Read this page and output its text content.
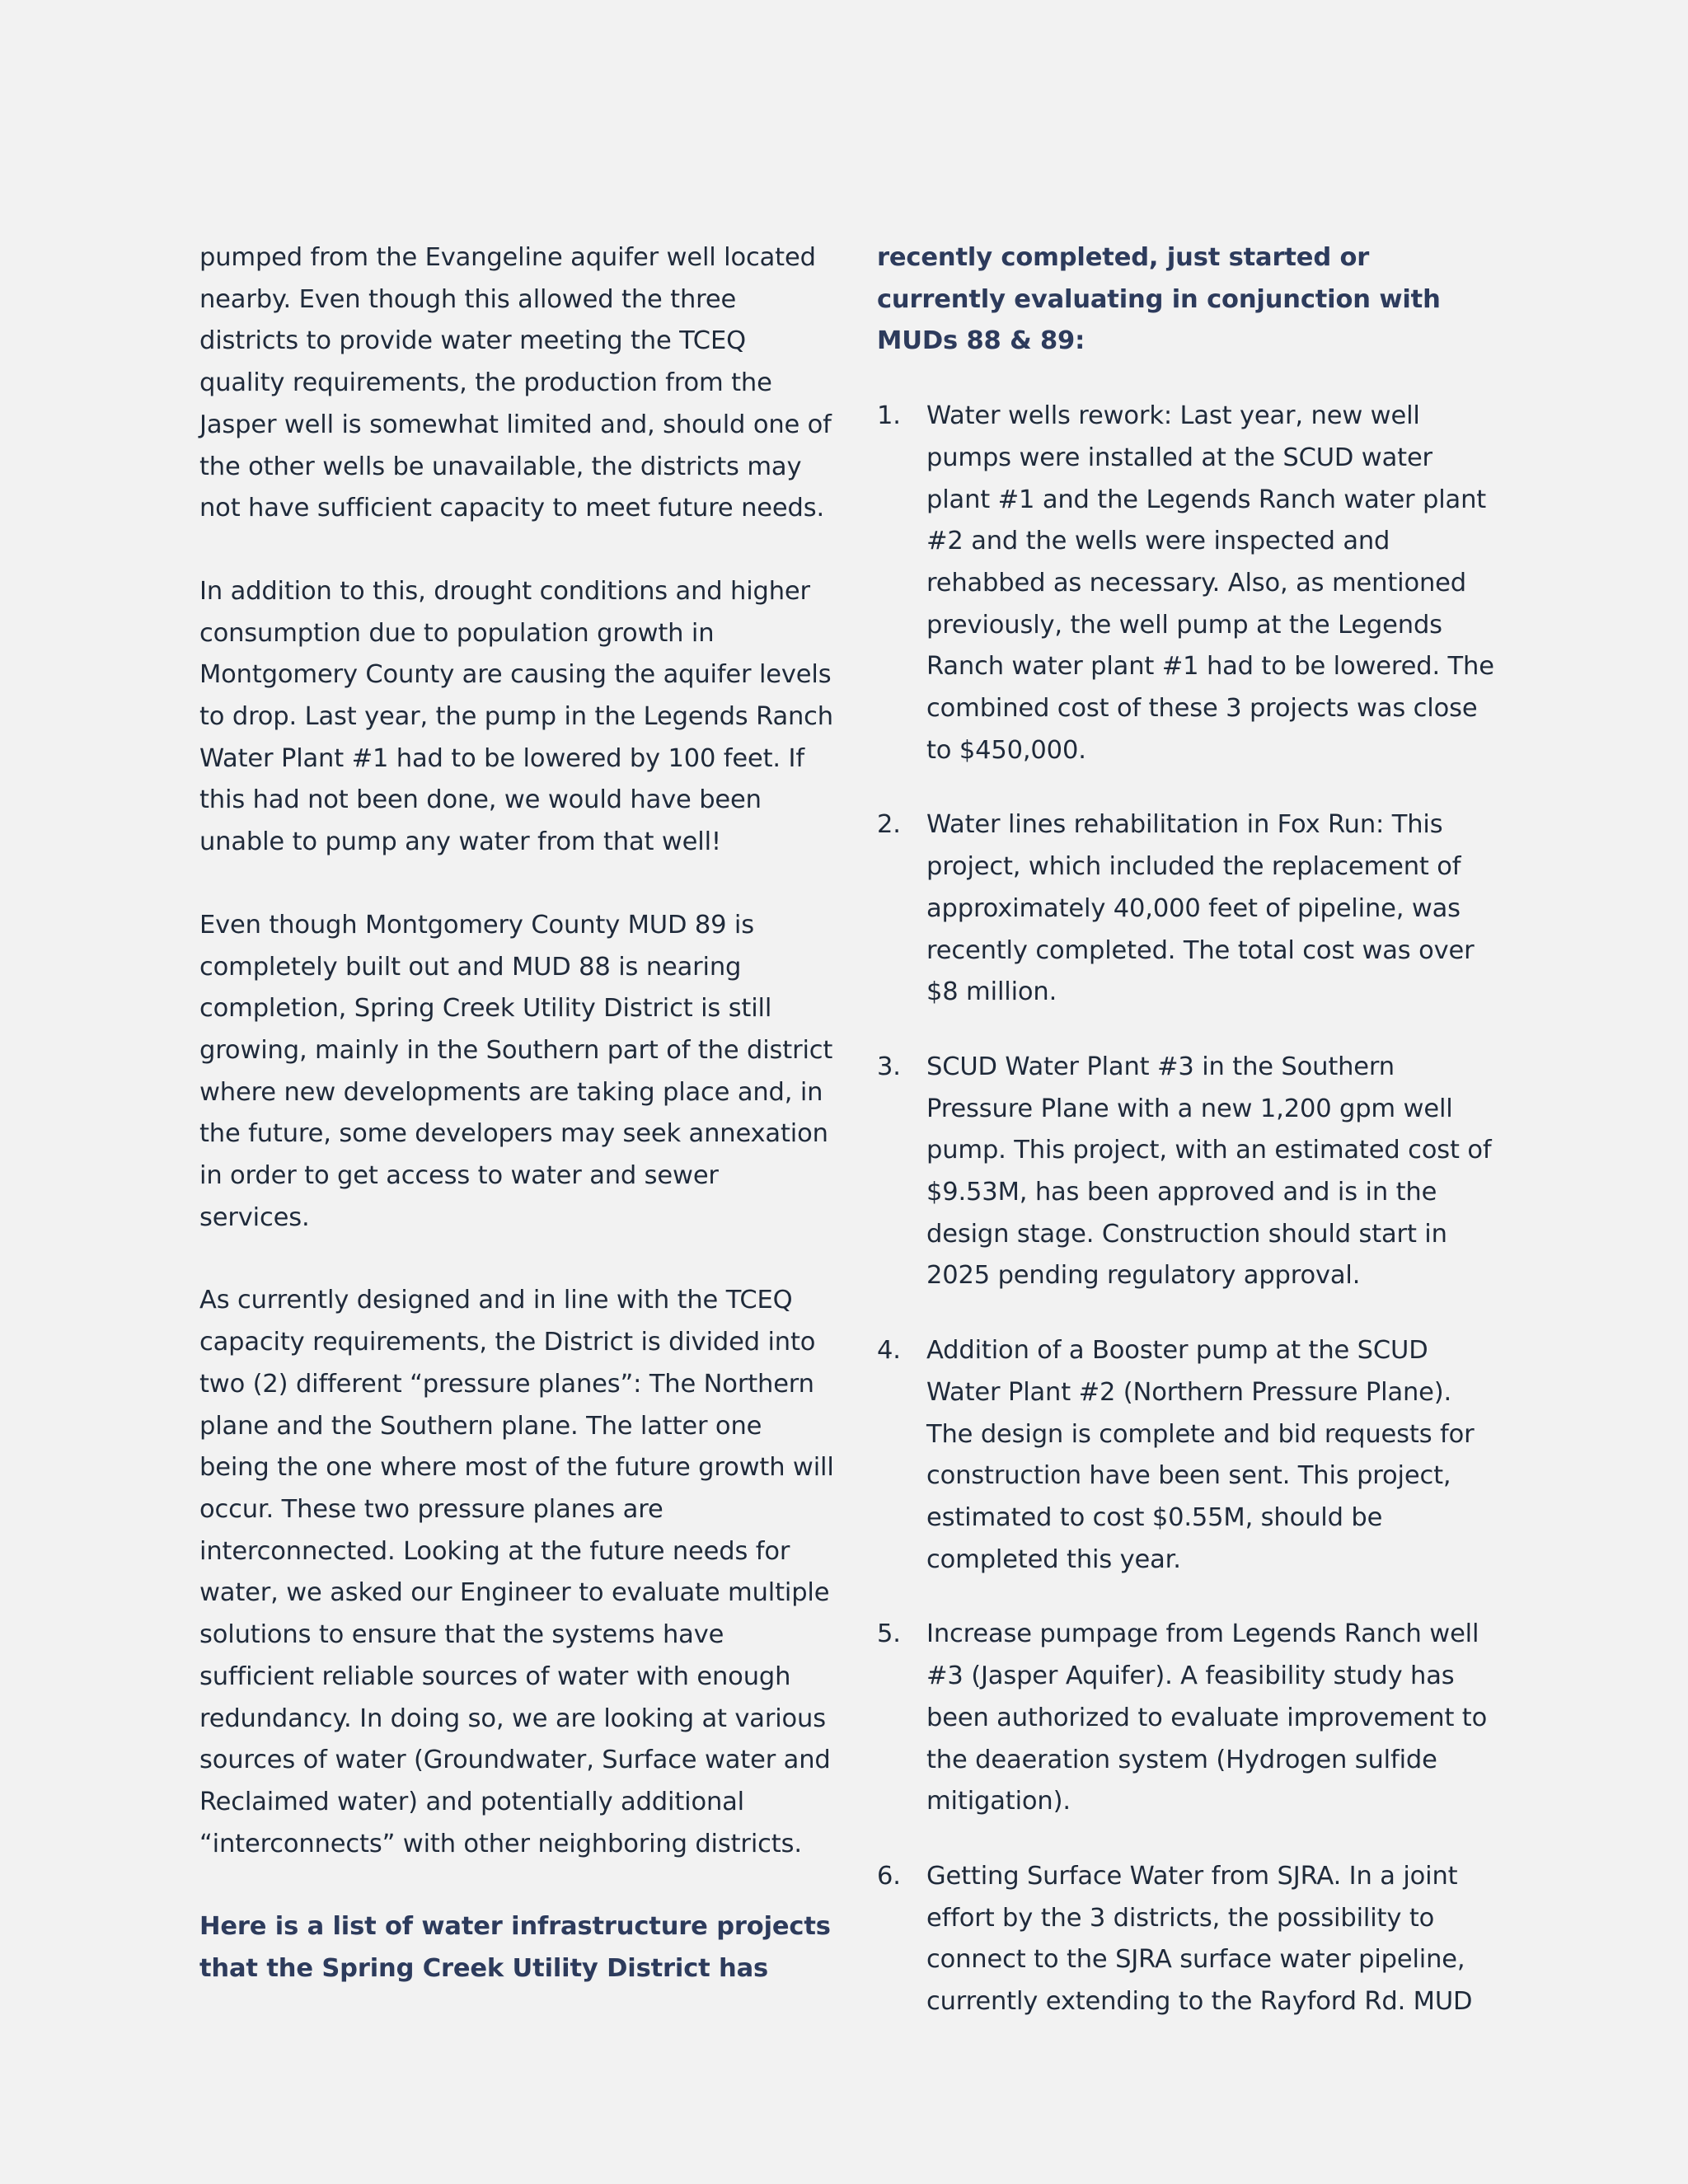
pumped from the Evangeline aquifer well located nearby. Even though this allowed the three districts to provide water meeting the TCEQ quality requirements, the production from the Jasper well is somewhat limited and, should one of the other wells be unavailable, the districts may not have sufficient capacity to meet future needs.

In addition to this, drought conditions and higher consumption due to population growth in Montgomery County are causing the aquifer levels to drop. Last year, the pump in the Legends Ranch Water Plant #1 had to be lowered by 100 feet. If this had not been done, we would have been unable to pump any water from that well!

Even though Montgomery County MUD 89 is completely built out and MUD 88 is nearing completion, Spring Creek Utility District is still growing, mainly in the Southern part of the district where new developments are taking place and, in the future, some developers may seek annexation in order to get access to water and sewer services.

As currently designed and in line with the TCEQ capacity requirements, the District is divided into two (2) different “pressure planes”: The Northern plane and the Southern plane. The latter one being the one where most of the future growth will occur. These two pressure planes are interconnected. Looking at the future needs for water, we asked our Engineer to evaluate multiple solutions to ensure that the systems have sufficient reliable sources of water with enough redundancy. In doing so, we are looking at various sources of water (Groundwater, Surface water and Reclaimed water) and potentially additional “interconnects” with other neighboring districts.

Here is a list of water infrastructure projects that the Spring Creek Utility District has

recently completed, just started or currently evaluating in conjunction with MUDs 88 & 89:

1. Water wells rework: Last year, new well pumps were installed at the SCUD water plant #1 and the Legends Ranch water plant #2 and the wells were inspected and rehabbed as necessary. Also, as mentioned previously, the well pump at the Legends Ranch water plant #1 had to be lowered. The combined cost of these 3 projects was close to $450,000.
2. Water lines rehabilitation in Fox Run: This project, which included the replacement of approximately 40,000 feet of pipeline, was recently completed. The total cost was over $8 million.
3. SCUD Water Plant #3 in the Southern Pressure Plane with a new 1,200 gpm well pump. This project, with an estimated cost of $9.53M, has been approved and is in the design stage. Construction should start in 2025 pending regulatory approval.
4. Addition of a Booster pump at the SCUD Water Plant #2 (Northern Pressure Plane). The design is complete and bid requests for construction have been sent. This project, estimated to cost $0.55M, should be completed this year.
5. Increase pumpage from Legends Ranch well #3 (Jasper Aquifer). A feasibility study has been authorized to evaluate improvement to the deaeration system (Hydrogen sulfide mitigation).
6. Getting Surface Water from SJRA. In a joint effort by the 3 districts, the possibility to connect to the SJRA surface water pipeline, currently extending to the Rayford Rd. MUD
